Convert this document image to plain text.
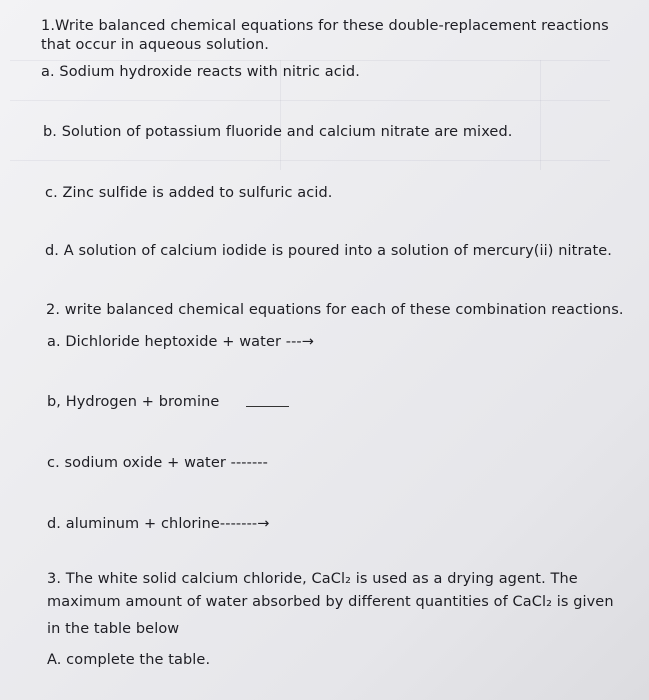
1.Write balanced chemical equations for these double-replacement reactions
that occur in aqueous solution.
a. Sodium hydroxide reacts with nitric acid.
b. Solution of potassium fluoride and calcium nitrate are mixed.
c. Zinc sulfide is added to sulfuric acid.
d. A solution of calcium iodide is poured into a solution of mercury(ii) nitrate.
2. write balanced chemical equations for each of these combination reactions.
a. Dichloride heptoxide + water ---→
b, Hydrogen + bromine
c. sodium oxide + water -------
d. aluminum + chlorine-------→
3. The white solid calcium chloride, CaCl₂ is used as a drying agent. The
maximum amount of water absorbed by different quantities of CaCl₂ is given
in the table below
A. complete the table.
